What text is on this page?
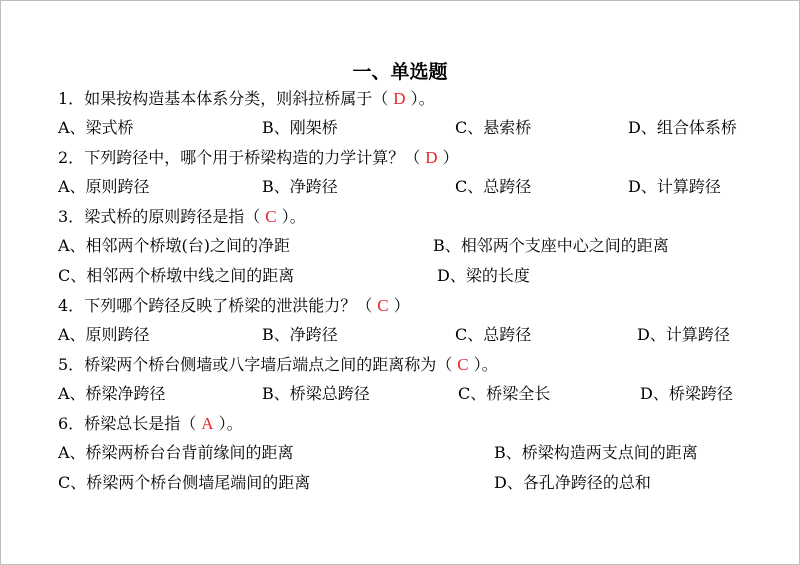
一、单选题
1．如果按构造基本体系分类，则斜拉桥属于（ D ）。
A、梁式桥	B、刚架桥	C、悬索桥	D、组合体系桥
2．下列跨径中，哪个用于桥梁构造的力学计算？（ D ）
A、原则跨径	B、净跨径	C、总跨径	D、计算跨径
3．梁式桥的原则跨径是指（ C ）。
A、相邻两个桥墩(台)之间的净距	B、相邻两个支座中心之间的距离
C、相邻两个桥墩中线之间的距离	D、梁的长度
4．下列哪个跨径反映了桥梁的泄洪能力？（ C ）
A、原则跨径	B、净跨径	C、总跨径	D、计算跨径
5．桥梁两个桥台侧墙或八字墙后端点之间的距离称为（ C ）。
A、桥梁净跨径	B、桥梁总跨径	C、桥梁全长	D、桥梁跨径
6．桥梁总长是指（ A ）。
A、桥梁两桥台台背前缘间的距离	B、桥梁构造两支点间的距离
C、桥梁两个桥台侧墙尾端间的距离	D、各孔净跨径的总和
